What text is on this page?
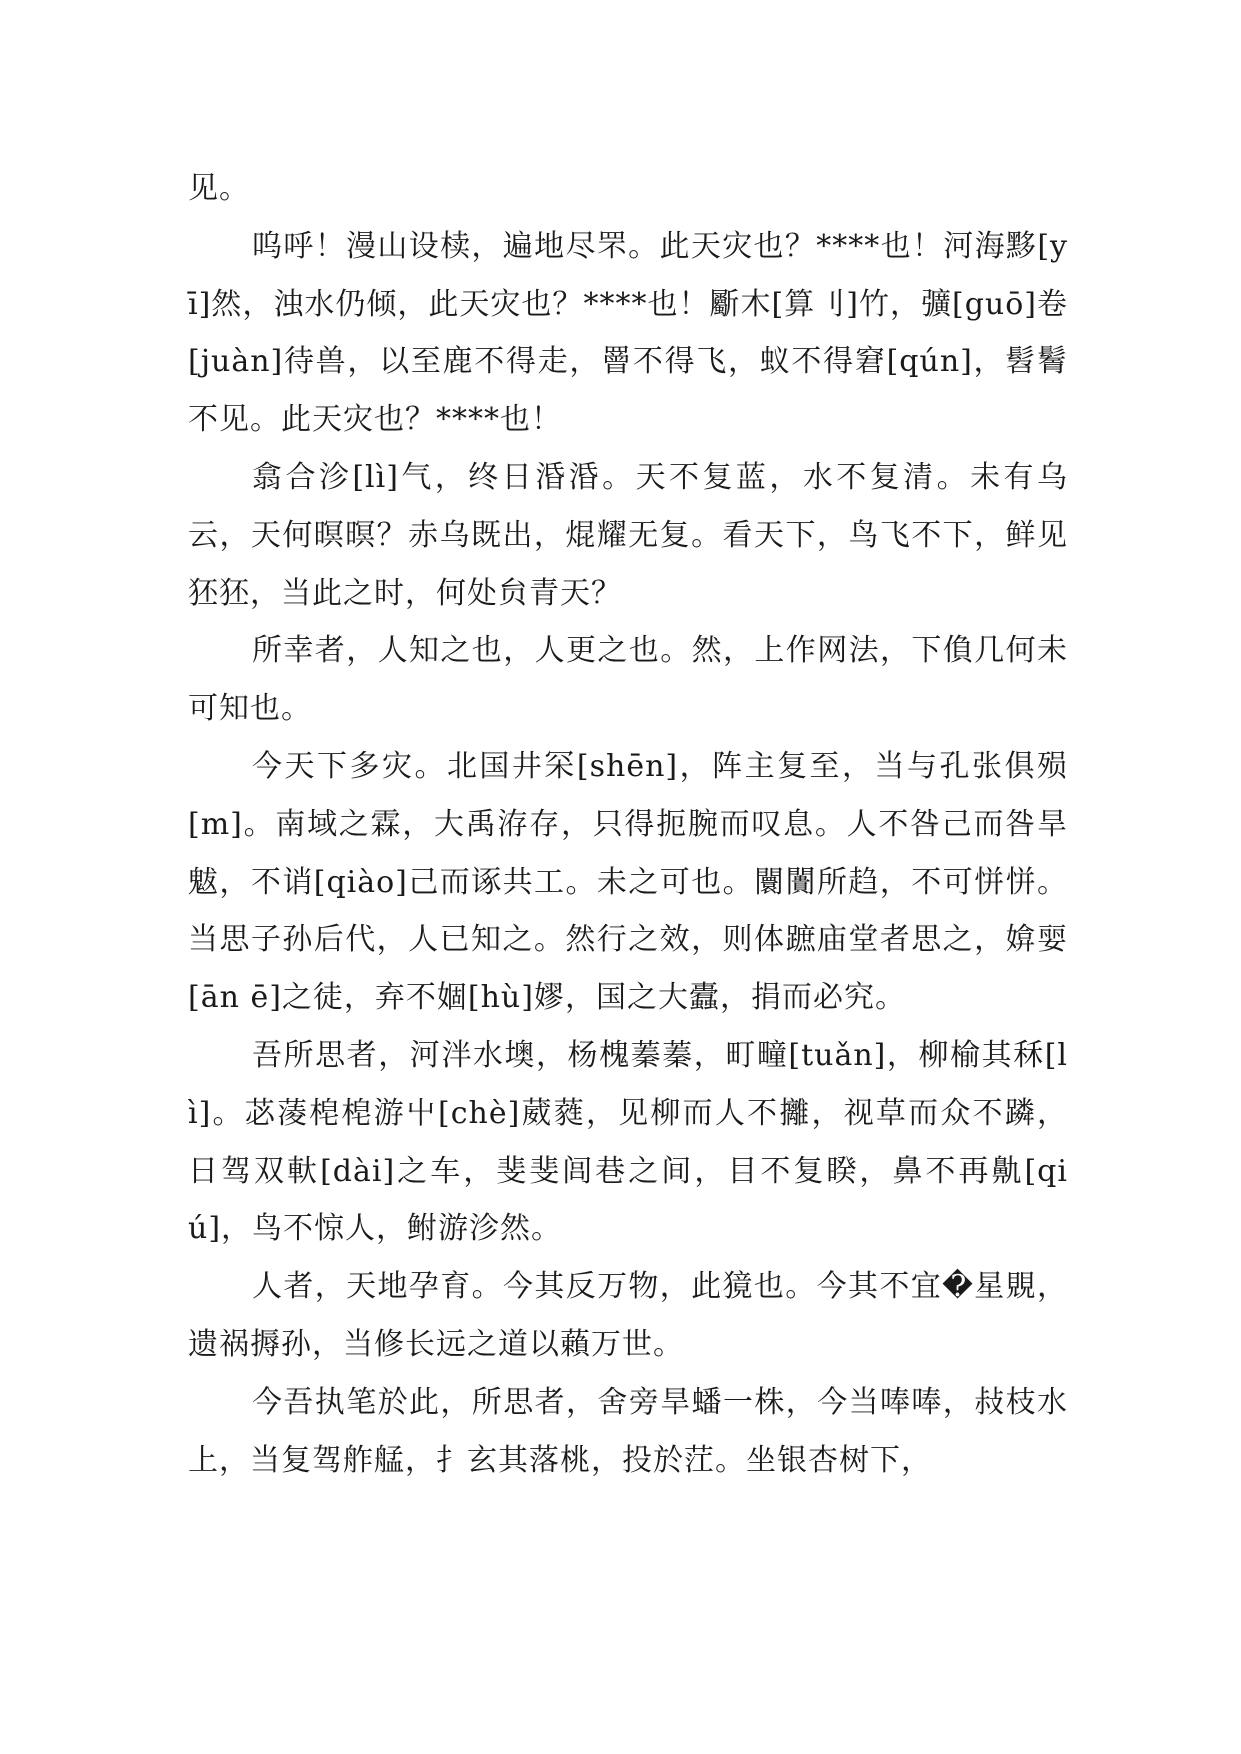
见。

呜呼！漫山设椟，遍地尽罘。此天灾也？****也！河海黟[yī]然，浊水仍倾，此天灾也？****也！斸木[算刂]竹，彍[guō]卷[juàn]待兽，以至鹿不得走，罾不得飞，蚁不得窘[qún]，髫鬌不见。此天灾也？****也！

翕合沴[lì]气，终日涽涽。天不复蓝，水不复清。未有乌云，天何暝暝？赤乌既出，焜耀无复。看天下，鸟飞不下，鲜见狉狉，当此之时，何处贠青天？

所幸者，人知之也，人更之也。然，上作网法，下偩几何未可知也。

今天下多灾。北国井罙[shēn]，阵主复至，当与孔张俱殒[m]。南域之霖，大禹洊存，只得扼腕而叹息。人不咎己而咎旱魃，不诮[qiào]己而诼共工。未之可也。闤闠所趋，不可恲恲。当思子孙后代，人已知之。然行之效，则体蹠庙堂者思之，媕婯[ān ē]之徒，弃不婟[hù]嫪，国之大蠹，捐而必究。

吾所思者，河泮水墺，杨槐蓁蓁，町疃[tuǎn]，柳榆其秝[lì]。苾蓤梍梍游屮[chè]葳蕤，见柳而人不攡，视草而众不蹸，日驾双軑[dài]之车，斐斐闾巷之间，目不复睽，鼻不再鼽[qiú]，鸟不惊人，鲋游沴然。

人者，天地孕育。今其反万物，此獍也。今其不宜�星覞，遗祸搙孙，当修长远之道以藾万世。

今吾执笔於此，所思者，舍旁旱蟠一株，今当唪唪，敊枝水上，当复驾舴艋，扌玄其落桃，投於茳。坐银杏树下，
